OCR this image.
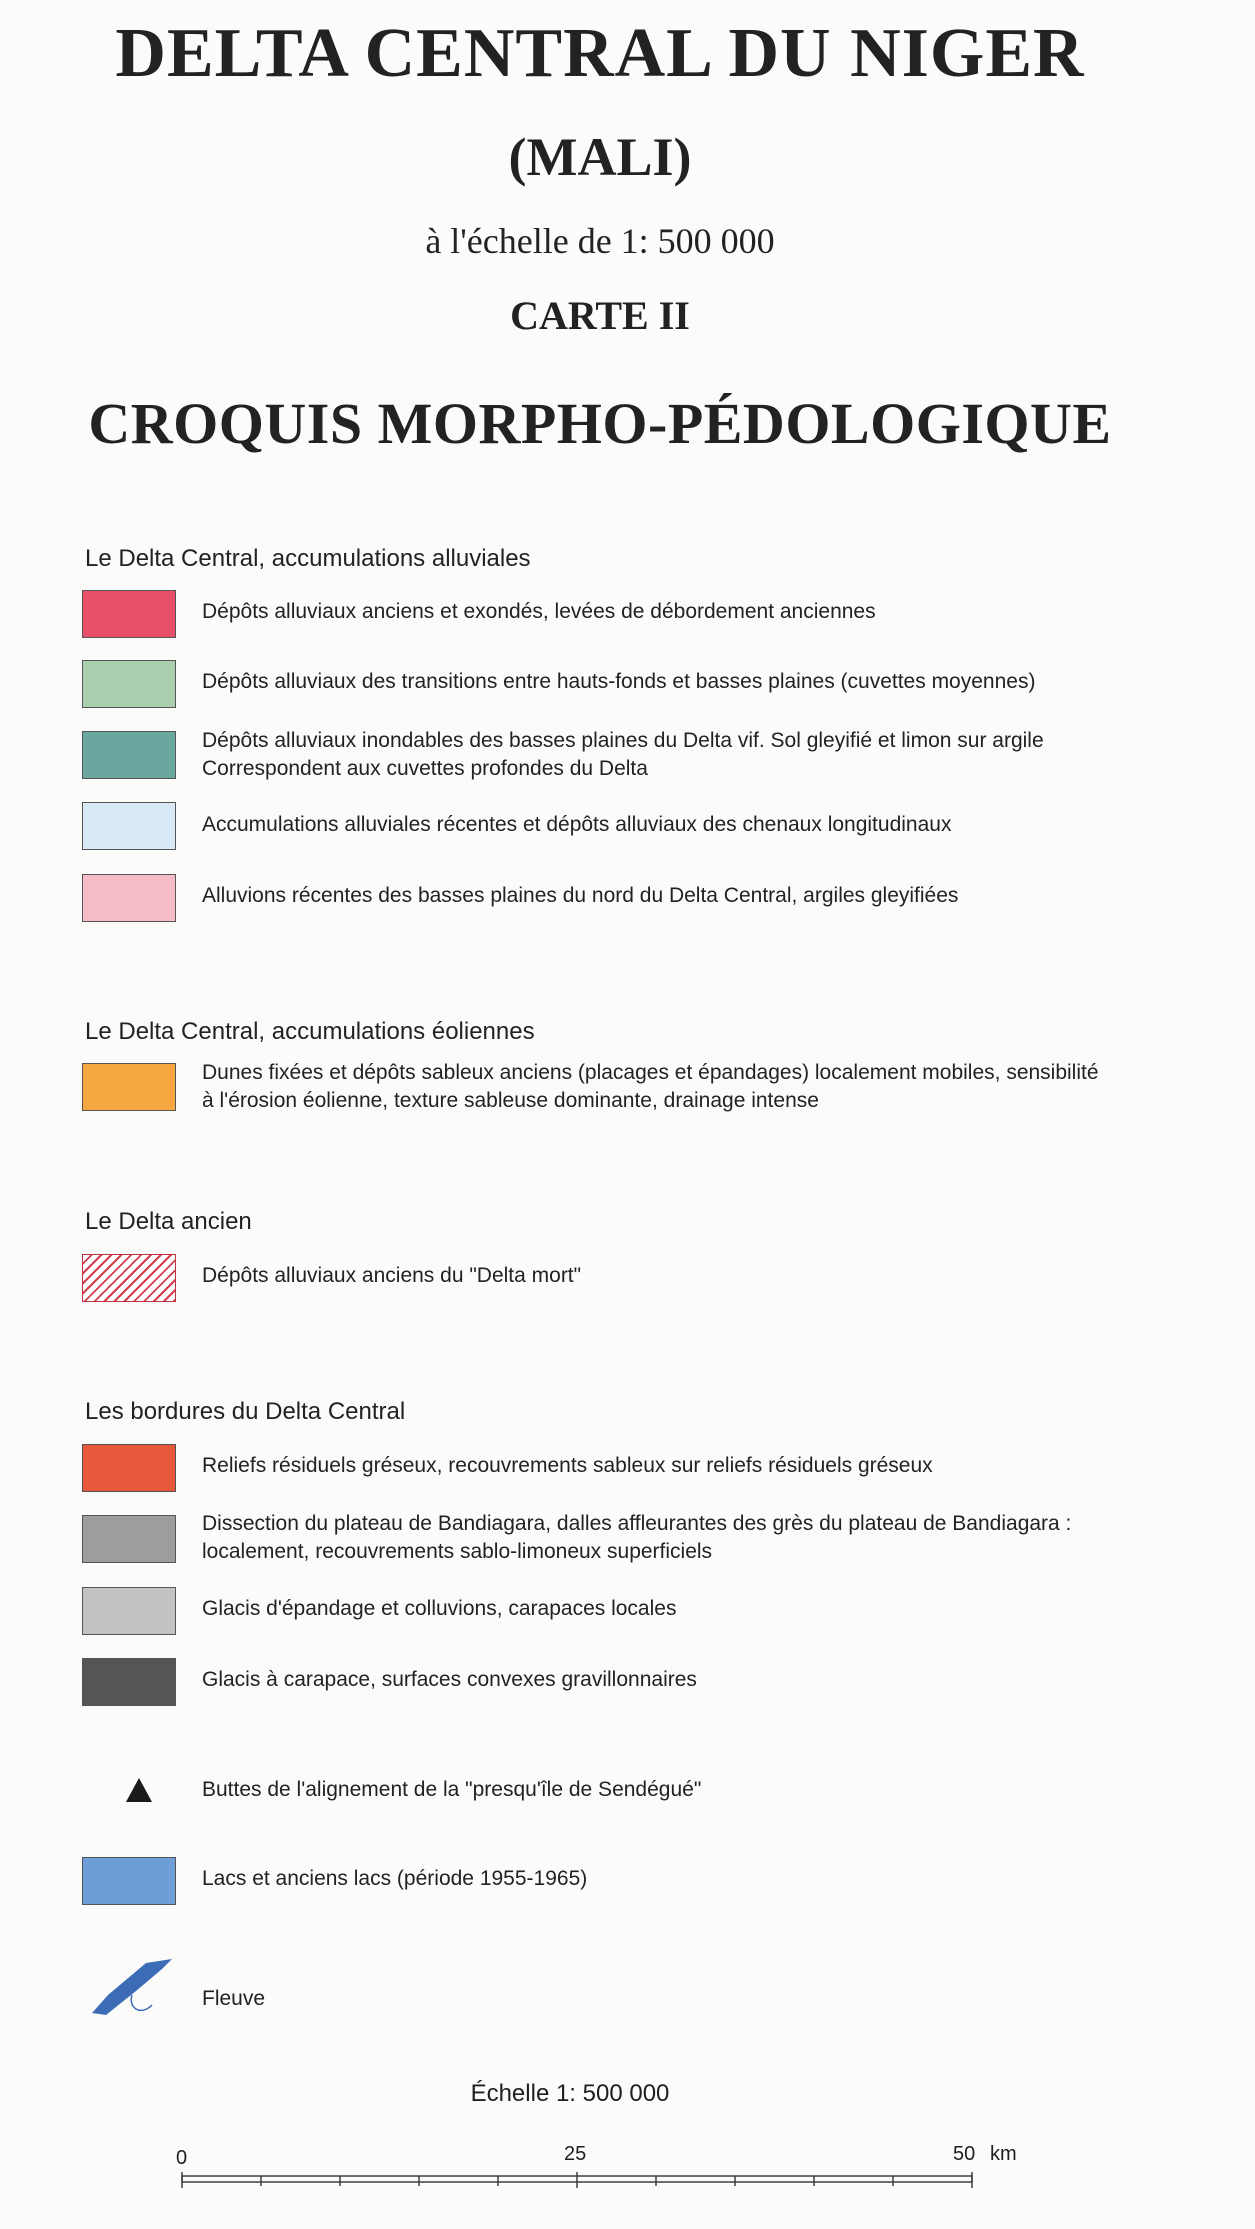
DELTA CENTRAL DU NIGER
(MALI)
à l'échelle de 1: 500 000
CARTE II
CROQUIS MORPHO-PÉDOLOGIQUE
Le Delta Central, accumulations alluviales
Dépôts alluviaux anciens et exondés, levées de débordement anciennes
Dépôts alluviaux des transitions entre hauts-fonds et basses plaines (cuvettes moyennes)
Dépôts alluviaux inondables des basses plaines du Delta vif. Sol gleyifié et limon sur argile
Correspondent aux cuvettes profondes du Delta
Accumulations alluviales récentes et dépôts alluviaux des chenaux longitudinaux
Alluvions récentes des basses plaines du nord du Delta Central, argiles gleyifiées
Le Delta Central, accumulations éoliennes
Dunes fixées et dépôts sableux anciens (placages et épandages) localement mobiles, sensibilité
à l'érosion éolienne, texture sableuse dominante, drainage intense
Le Delta ancien
Dépôts alluviaux anciens du "Delta mort"
Les bordures du Delta Central
Reliefs résiduels gréseux, recouvrements sableux sur reliefs résiduels gréseux
Dissection du plateau de Bandiagara, dalles affleurantes des grès du plateau de Bandiagara :
localement, recouvrements sablo-limoneux superficiels
Glacis d'épandage et colluvions, carapaces locales
Glacis à carapace, surfaces convexes gravillonnaires
Buttes de l'alignement de la "presqu'île de Sendégué"
Lacs et anciens lacs (période 1955-1965)
Fleuve
Échelle 1: 500 000
0	25	50 km
